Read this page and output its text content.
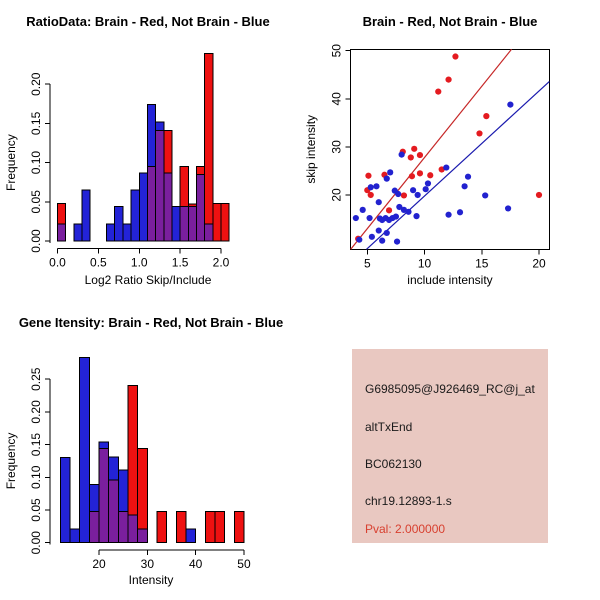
0.0 0.5 1.0 1.5 2.0
0.00
0.05
0.10
0.15
0.20
RatioData: Brain - Red, Not Brain - Blue
Log2 Ratio Skip/Include
Frequency
5	10	15	20
20
30
40
50
Brain - Red, Not Brain - Blue
include intensity
skip intensity
20	30	40	50
0.00
0.05
0.10
0.15
0.20
0.25
Gene Itensity: Brain - Red, Not Brain - Blue
Intensity
Frequency
G6985095@J926469_RC@j_at
altTxEnd
BC062130
chr19.12893-1.s
Pval: 2.000000
